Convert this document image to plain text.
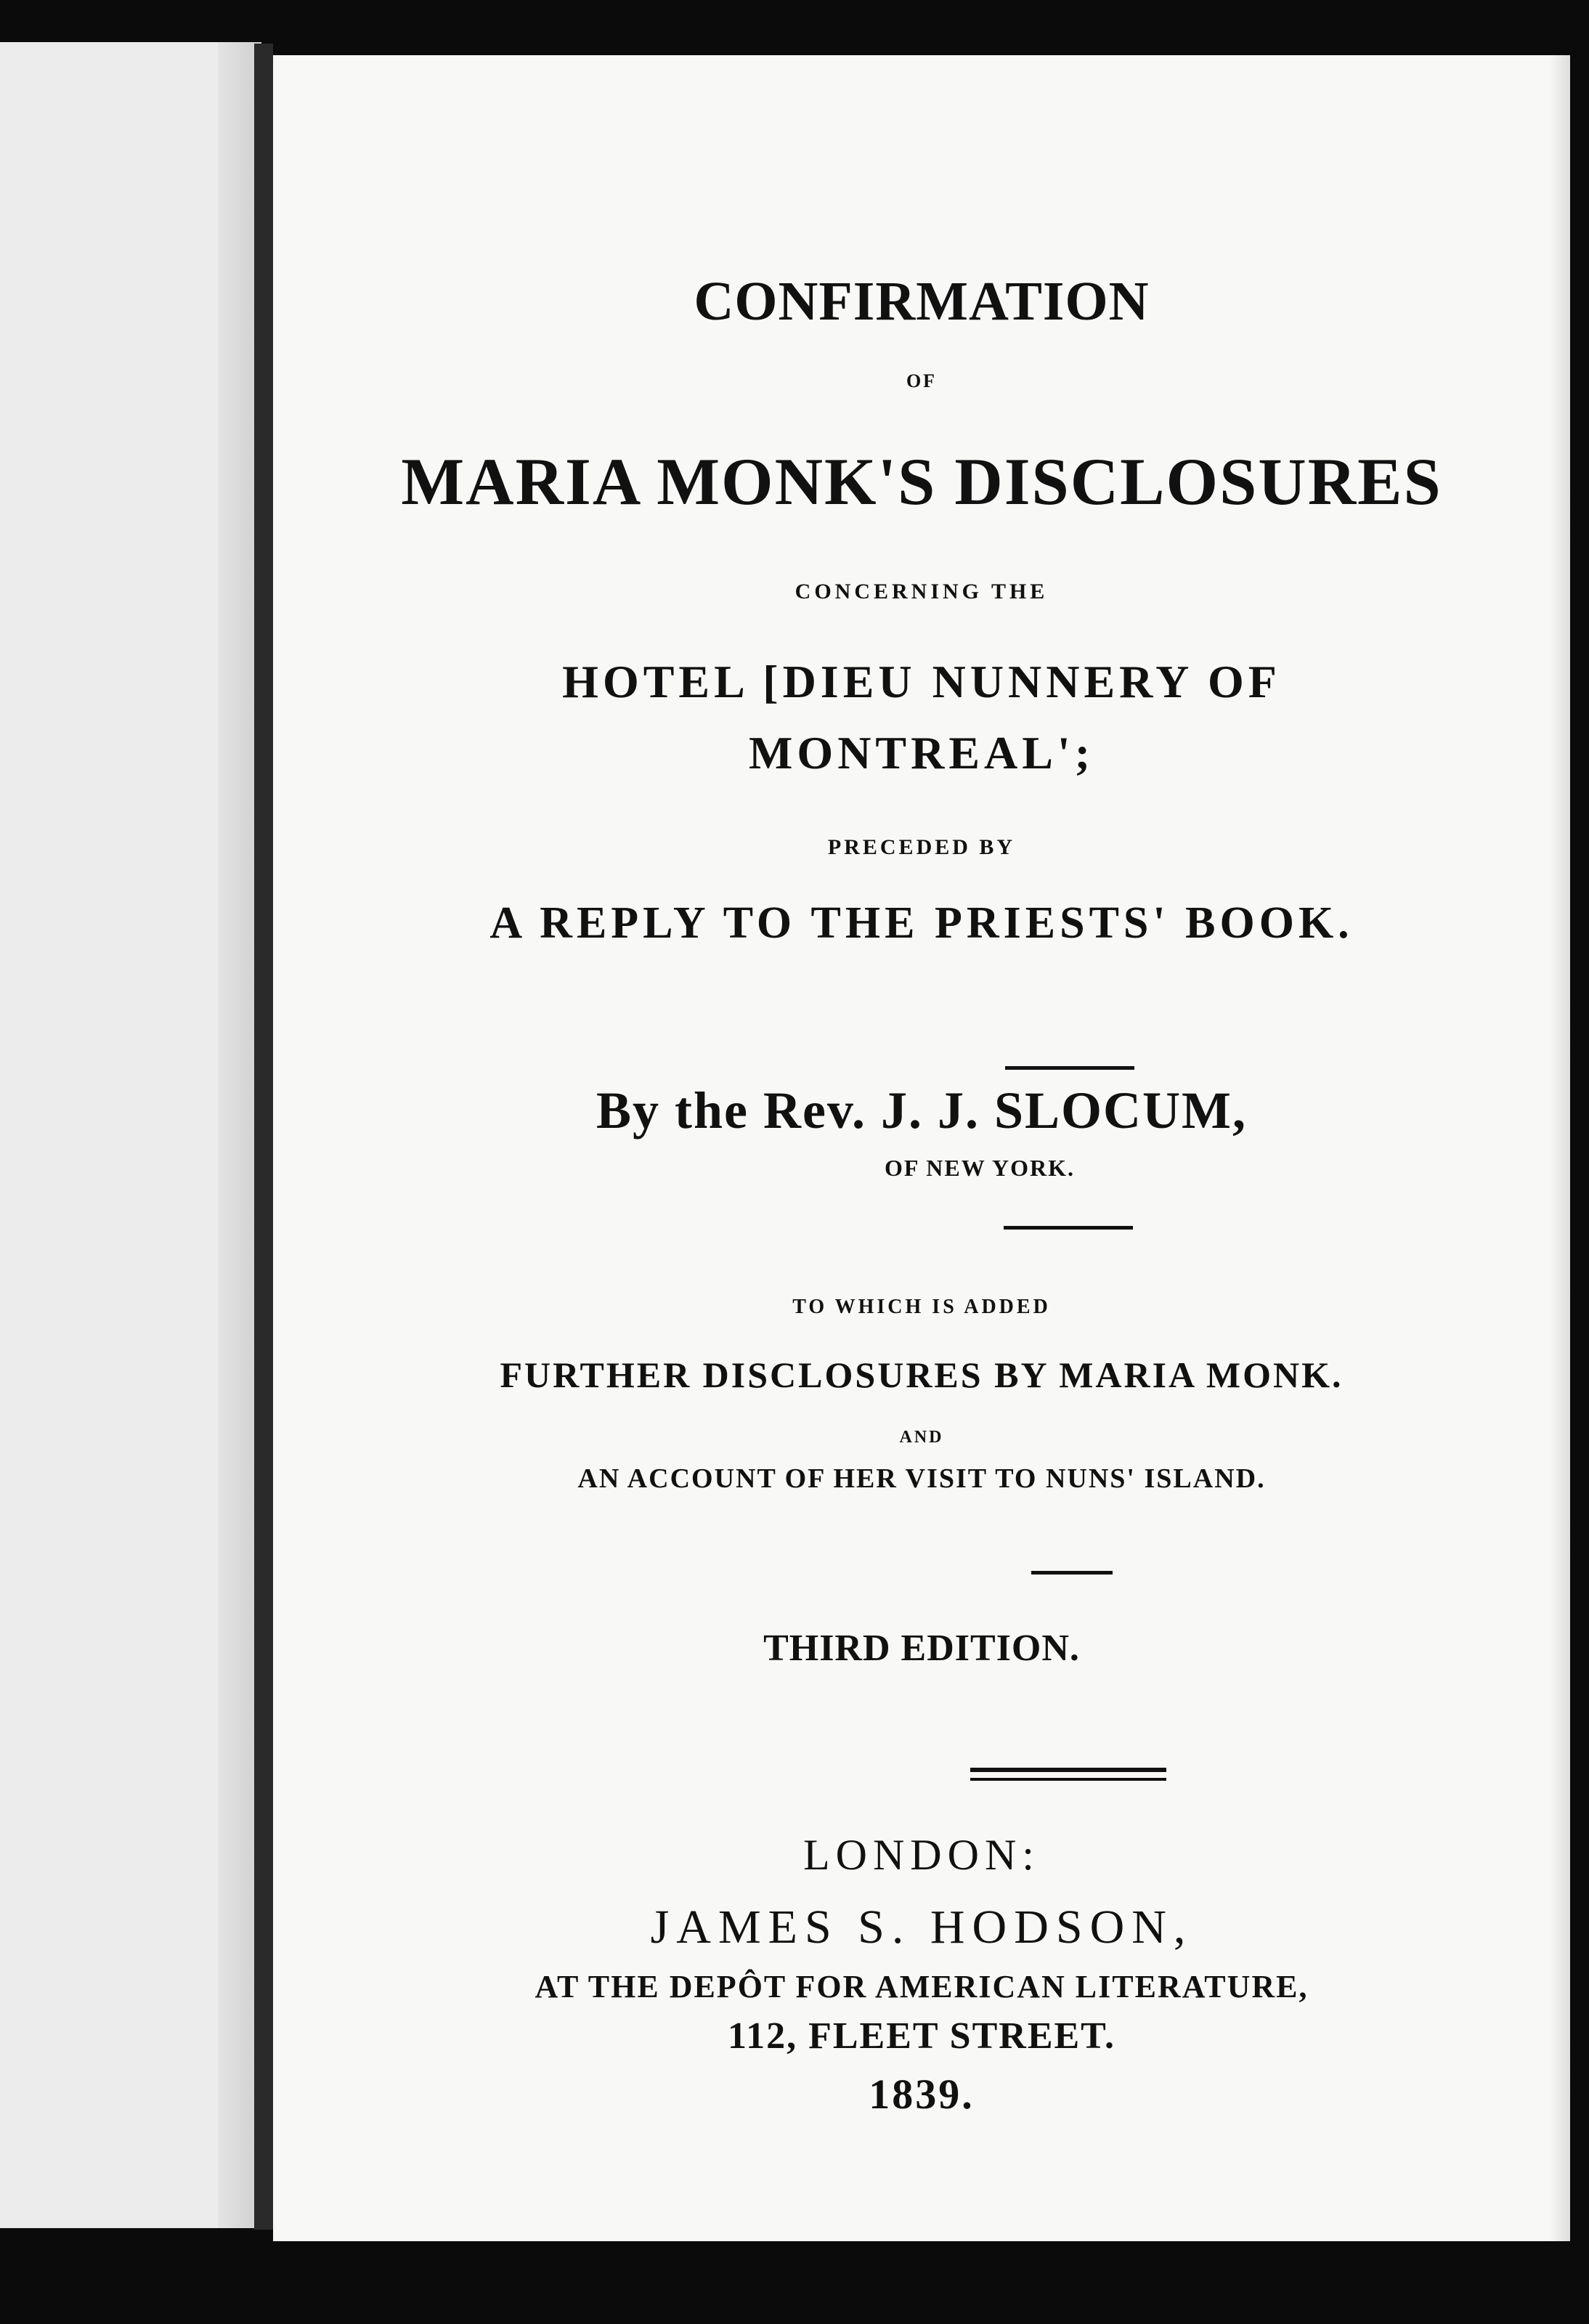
CONFIRMATION
OF
MARIA MONK'S DISCLOSURES
CONCERNING THE
HOTEL [DIEU NUNNERY OF
MONTREAL';
PRECEDED BY
A REPLY TO THE PRIESTS' BOOK.
By the Rev. J. J. SLOCUM,
OF NEW YORK.
TO WHICH IS ADDED
FURTHER DISCLOSURES BY MARIA MONK.
AND
AN ACCOUNT OF HER VISIT TO NUNS' ISLAND.
THIRD EDITION.
LONDON:
JAMES S. HODSON,
AT THE DEPÔT FOR AMERICAN LITERATURE,
112, FLEET STREET.
1839.
